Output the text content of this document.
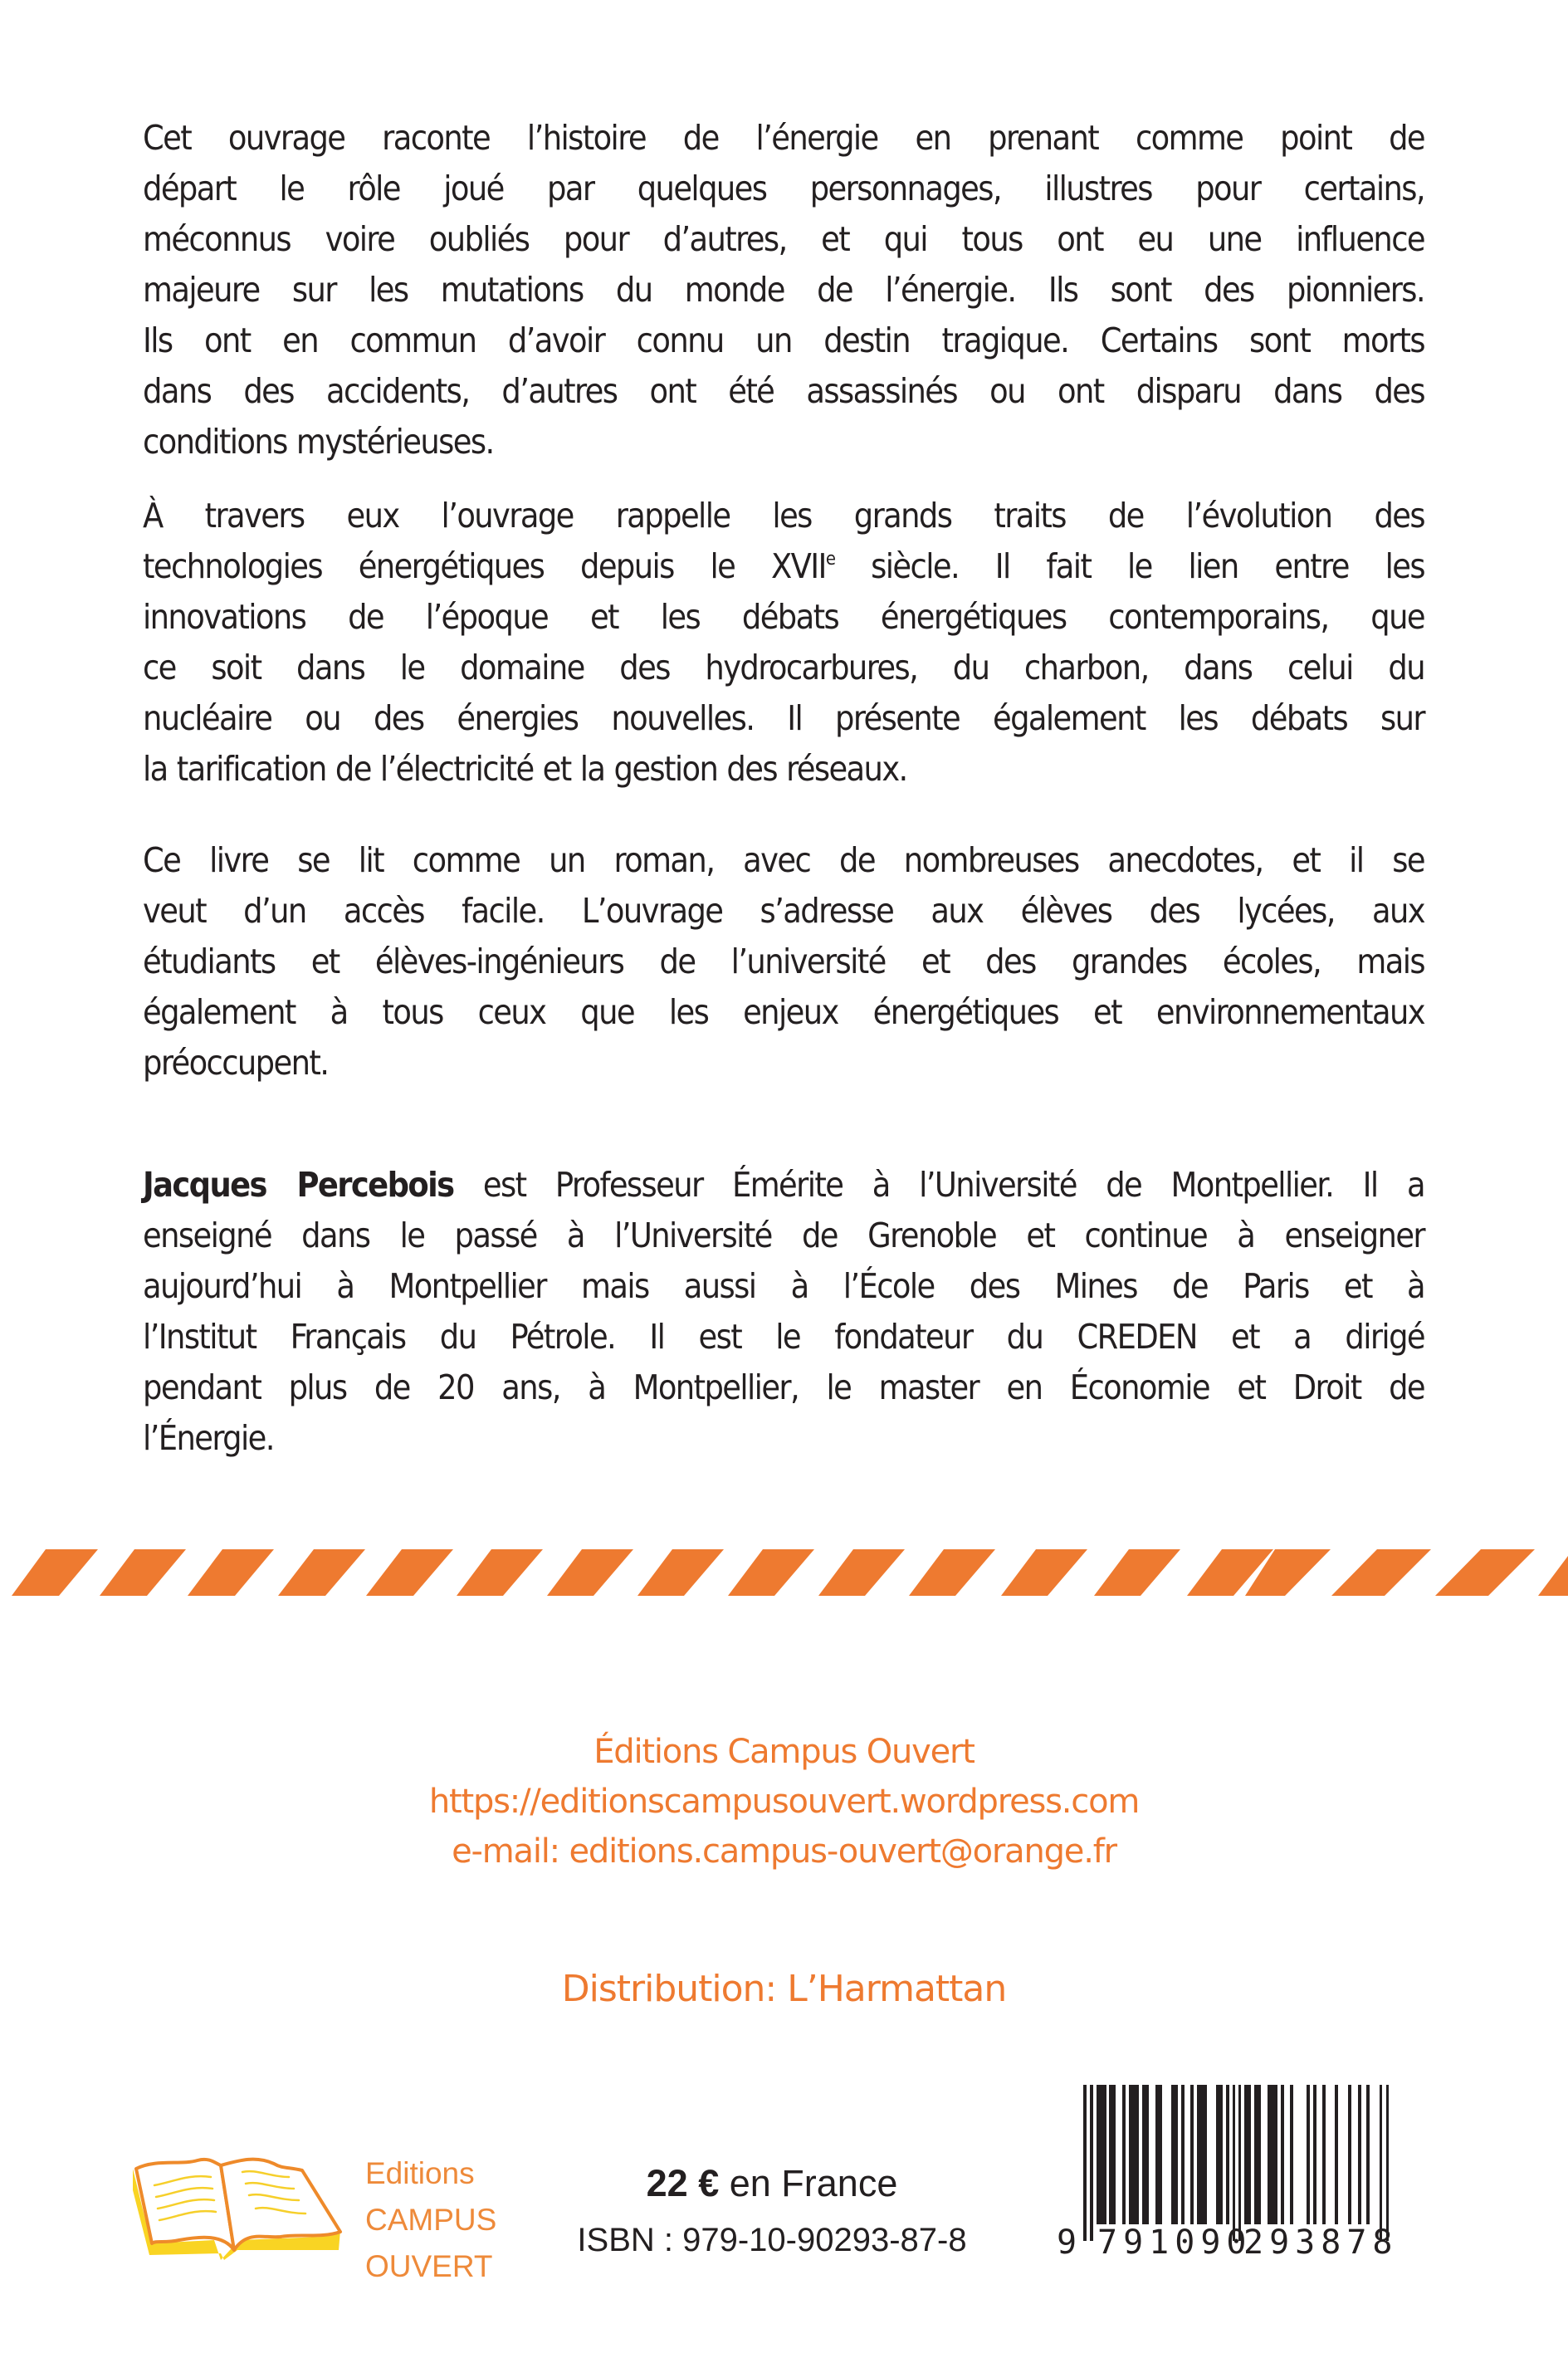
Cet ouvrage raconte l’histoire de l’énergie en prenant comme point de
départ le rôle joué par quelques personnages, illustres pour certains,
méconnus voire oubliés pour d’autres, et qui tous ont eu une influence
majeure sur les mutations du monde de l’énergie. Ils sont des pionniers.
Ils ont en commun d’avoir connu un destin tragique. Certains sont morts
dans des accidents, d’autres ont été assassinés ou ont disparu dans des
conditions mystérieuses.
À travers eux l’ouvrage rappelle les grands traits de l’évolution des
technologies énergétiques depuis le XVIIe siècle. Il fait le lien entre les
innovations de l’époque et les débats énergétiques contemporains, que
ce soit dans le domaine des hydrocarbures, du charbon, dans celui du
nucléaire ou des énergies nouvelles. Il présente également les débats sur
la tarification de l’électricité et la gestion des réseaux.
Ce livre se lit comme un roman, avec de nombreuses anecdotes, et il se
veut d’un accès facile. L’ouvrage s’adresse aux élèves des lycées, aux
étudiants et élèves-ingénieurs de l’université et des grandes écoles, mais
également à tous ceux que les enjeux énergétiques et environnementaux
préoccupent.
Jacques Percebois est Professeur Émérite à l’Université de Montpellier. Il a
enseigné dans le passé à l’Université de Grenoble et continue à enseigner
aujourd’hui à Montpellier mais aussi à l’École des Mines de Paris et à
l’Institut Français du Pétrole. Il est le fondateur du CREDEN et a dirigé
pendant plus de 20 ans, à Montpellier, le master en Économie et Droit de
l’Énergie.
Éditions Campus Ouvert
https://editionscampusouvert.wordpress.com
e-mail: editions.campus-ouvert@orange.fr
Distribution: L’Harmattan
Editions
CAMPUS
OUVERT
22 € en France
ISBN : 979-10-90293-87-8	9 791090
293878
